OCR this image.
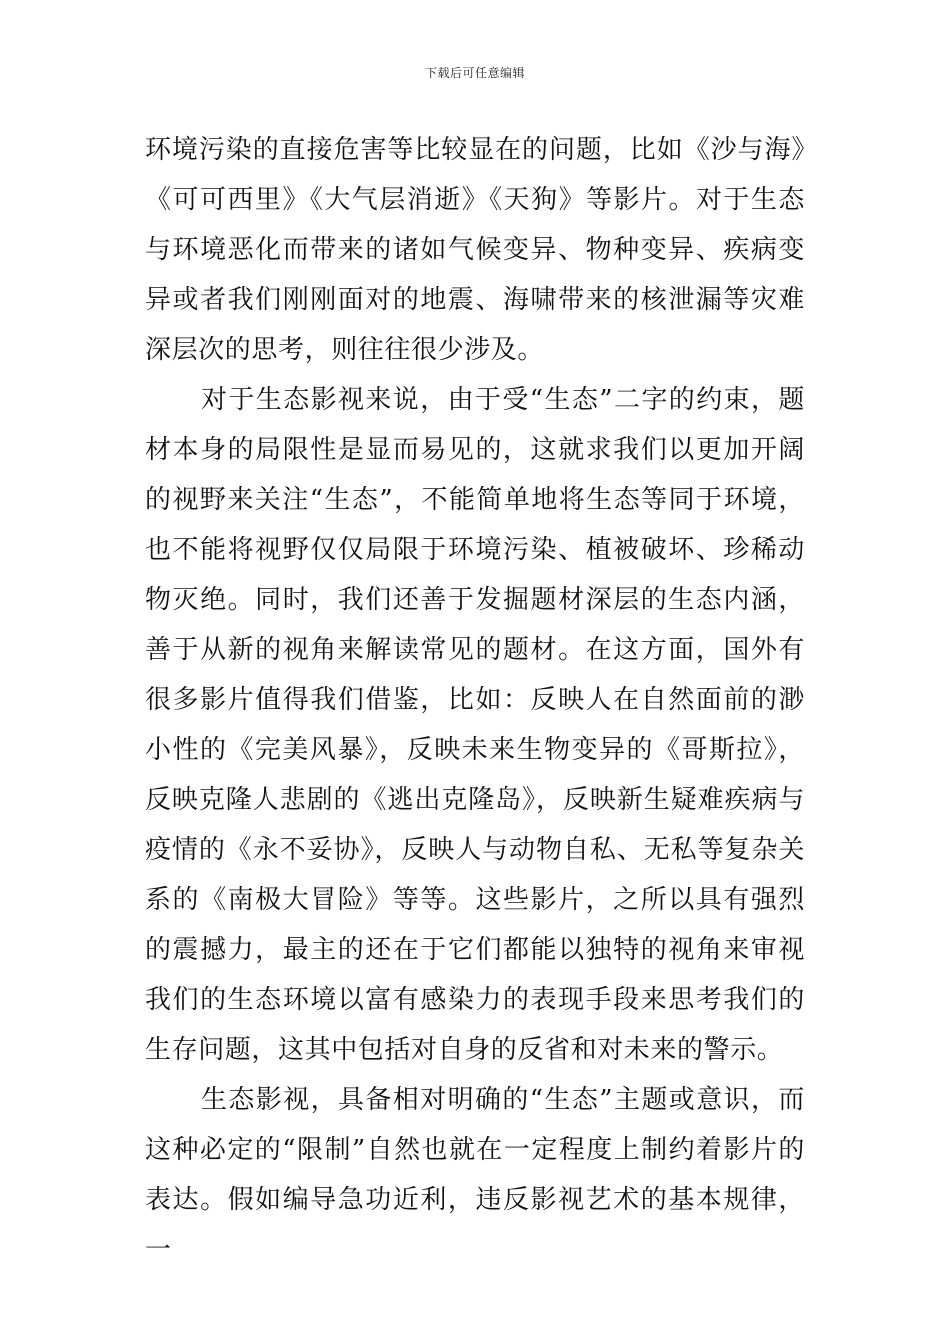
下载后可任意编辑

环境污染的直接危害等比较显在的问题，比如《沙与海》《可可西里》《大气层消逝》《天狗》等影片。对于生态与环境恶化而带来的诸如气候变异、物种变异、疾病变异或者我们刚刚面对的地震、海啸带来的核泄漏等灾难深层次的思考，则往往很少涉及。

对于生态影视来说，由于受“生态”二字的约束，题材本身的局限性是显而易见的，这就求我们以更加开阔的视野来关注“生态”，不能简单地将生态等同于环境，也不能将视野仅仅局限于环境污染、植被破坏、珍稀动物灭绝。同时，我们还善于发掘题材深层的生态内涵，善于从新的视角来解读常见的题材。在这方面，国外有很多影片值得我们借鉴，比如：反映人在自然面前的渺小性的《完美风暴》，反映未来生物变异的《哥斯拉》，反映克隆人悲剧的《逃出克隆岛》，反映新生疑难疾病与疫情的《永不妥协》，反映人与动物自私、无私等复杂关系的《南极大冒险》等等。这些影片，之所以具有强烈的震撼力，最主的还在于它们都能以独特的视角来审视我们的生态环境以富有感染力的表现手段来思考我们的生存问题，这其中包括对自身的反省和对未来的警示。

生态影视，具备相对明确的“生态”主题或意识，而这种必定的“限制”自然也就在一定程度上制约着影片的表达。假如编导急功近利，违反影视艺术的基本规律，一
